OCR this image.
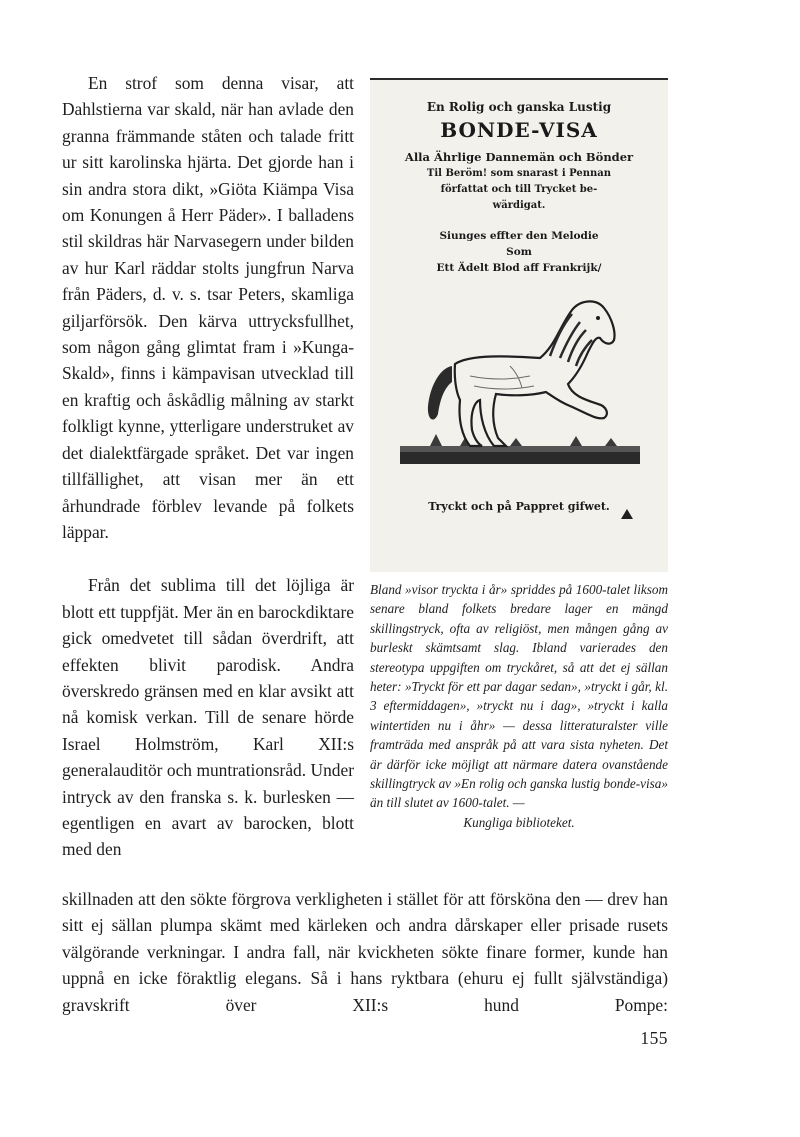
En strof som denna visar, att Dahlstierna var skald, när han avlade den granna främmande ståten och talade fritt ur sitt karolinska hjärta. Det gjorde han i sin andra stora dikt, »Giöta Kiämpa Visa om Konungen å Herr Päder». I balladens stil skildras här Narvasegern under bilden av hur Karl räddar stolts jungfrun Narva från Päders, d. v. s. tsar Peters, skamliga giljarförsök. Den kärva uttrycksfullhet, som någon gång glimtat fram i »Kunga-Skald», finns i kämpavisan utvecklad till en kraftig och åskådlig målning av starkt folkligt kynne, ytterligare understruket av det dialektfärgade språket. Det var ingen tillfällighet, att visan mer än ett århundrade förblev levande på folkets läppar.

Från det sublima till det löjliga är blott ett tuppfjät. Mer än en barockdiktare gick omedvetet till sådan överdrift, att effekten blivit parodisk. Andra överskredo gränsen med en klar avsikt att nå komisk verkan. Till de senare hörde Israel Holmström, Karl XII:s generalauditör och muntrationsråd. Under intryck av den franska s. k. burlesken — egentligen en avart av barocken, blott med den

En Rolig och ganska Lustig
BONDE-VISA
Alla Ährlige Dannemän och Bönder
Til Beröm! som snarast i Pennan
författat och till Trycket be-
wärdigat.
Siunges effter den Melodie
Som
Ett Ädelt Blod aff Frankrijk/
Tryckt och på Pappret gifwet.

Bland »visor tryckta i år» spriddes på 1600-talet liksom senare bland folkets bredare lager en mängd skillingstryck, ofta av religiöst, men mången gång av burleskt skämtsamt slag. Ibland varierades den stereotypa uppgiften om tryckåret, så att det ej sällan heter: »Tryckt för ett par dagar sedan», »tryckt i går, kl. 3 eftermiddagen», »tryckt nu i dag», »tryckt i kalla wintertiden nu i åhr» — dessa litteraturalster ville framträda med anspråk på att vara sista nyheten. Det är därför icke möjligt att närmare datera ovanstående skillingtryck av »En rolig och ganska lustig bonde-visa» än till slutet av 1600-talet. —
Kungliga biblioteket.

skillnaden att den sökte förgrova verkligheten i stället för att försköna den — drev han sitt ej sällan plumpa skämt med kärleken och andra dårskaper eller prisade rusets välgörande verkningar. I andra fall, när kvickheten sökte finare former, kunde han uppnå en icke föraktlig elegans. Så i hans ryktbara (ehuru ej fullt självständiga) gravskrift över XII:s hund Pompe:

155
